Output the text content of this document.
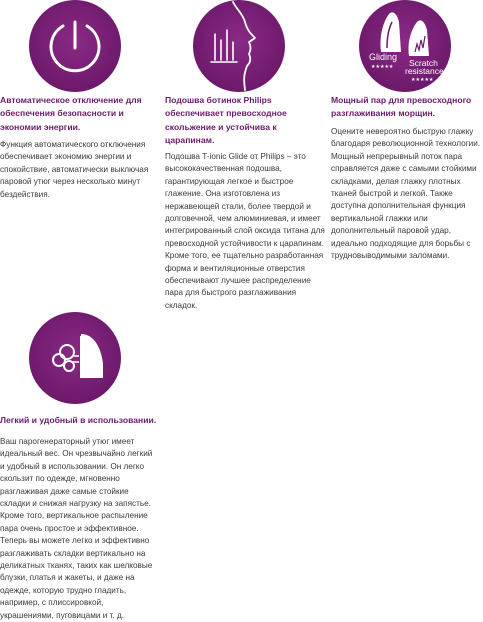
Автоматическое отключение для обеспечения безопасности и экономии энергии.

Функция автоматического отключения обеспечивает экономию энергии и спокойствие, автоматически выключая паровой утюг через несколько минут бездействия.

Подошва ботинок Philips обеспечивает превосходное скольжение и устойчива к царапинам.

Подошва T-ionic Glide от Philips – это высококачественная подошва, гарантирующая легкое и быстрое глажение. Она изготовлена из нержавеющей стали, более твердой и долговечной, чем алюминиевая, и имеет интегрированный слой оксида титана для превосходной устойчивости к царапинам. Кроме того, ее тщательно разработанная форма и вентиляционные отверстия обеспечивают лучшее распределение пара для быстрого разглаживания складок.

Gliding
★★★★★ Scratch
resistance
★★★★★

Мощный пар для превосходного разглаживания морщин.

Оцените невероятно быструю глажку благодаря революционной технологии. Мощный непрерывный поток пара справляется даже с самыми стойкими складками, делая глажку плотных тканей быстрой и легкой. Также доступна дополнительная функция вертикальной глажки или дополнительный паровой удар, идеально подходящие для борьбы с трудновыводимыми заломами.

Легкий и удобный в использовании.

Ваш парогенераторный утюг имеет идеальный вес. Он чрезвычайно легкий и удобный в использовании. Он легко скользит по одежде, мгновенно разглаживая даже самые стойкие складки и снижая нагрузку на запястье. Кроме того, вертикальное распыление пара очень простое и эффективное. Теперь вы можете легко и эффективно разглаживать складки вертикально на деликатных тканях, таких как шелковые блузки, платья и жакеты, и даже на одежде, которую трудно гладить, например, с плиссировкой, украшениями, пуговицами и т. д.
